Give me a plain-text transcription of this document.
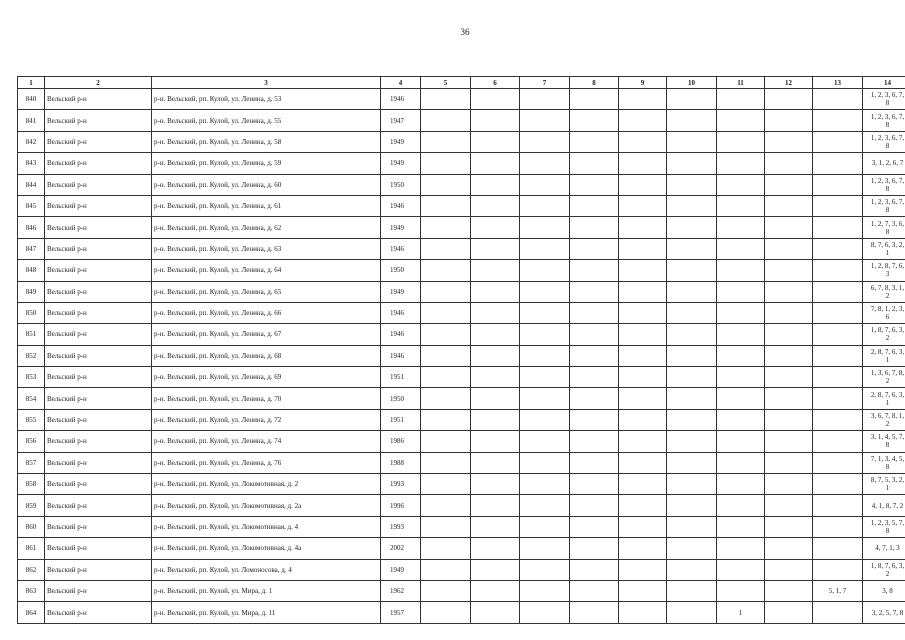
36
1	2	3	4	5	6	7	8	9	10	11	12	13	14
840	Вельский р-н	р-н. Вельский, рп. Кулой, ул. Ленина, д. 53	1946										1, 2, 3, 6, 7,
8

841	Вельский р-н	р-н. Вельский, рп. Кулой, ул. Ленина, д. 55	1947										1, 2, 3, 6, 7,
8

842	Вельский р-н	р-н. Вельский, рп. Кулой, ул. Ленина, д. 58	1949										1, 2, 3, 6, 7,
8

843	Вельский р-н	р-н. Вельский, рп. Кулой, ул. Ленина, д. 59	1949										3, 1, 2, 6, 7

844	Вельский р-н	р-н. Вельский, рп. Кулой, ул. Ленина, д. 60	1950										1, 2, 3, 6, 7,
8

845	Вельский р-н	р-н. Вельский, рп. Кулой, ул. Ленина, д. 61	1946										1, 2, 3, 6, 7,
8

846	Вельский р-н	р-н. Вельский, рп. Кулой, ул. Ленина, д. 62	1949										1, 2, 7, 3, 6,
8

847	Вельский р-н	р-н. Вельский, рп. Кулой, ул. Ленина, д. 63	1946										8, 7, 6, 3, 2,
1

848	Вельский р-н	р-н. Вельский, рп. Кулой, ул. Ленина, д. 64	1950										1, 2, 8, 7, 6,
3

849	Вельский р-н	р-н. Вельский, рп. Кулой, ул. Ленина, д. 65	1949										6, 7, 8, 3, 1,
2

850	Вельский р-н	р-н. Вельский, рп. Кулой, ул. Ленина, д. 66	1946										7, 8, 1, 2, 3,
6

851	Вельский р-н	р-н. Вельский, рп. Кулой, ул. Ленина, д. 67	1946										1, 8, 7, 6, 3,
2

852	Вельский р-н	р-н. Вельский, рп. Кулой, ул. Ленина, д. 68	1946										2, 8, 7, 6, 3,
1

853	Вельский р-н	р-н. Вельский, рп. Кулой, ул. Ленина, д. 69	1951										1, 3, 6, 7, 8,
2

854	Вельский р-н	р-н. Вельский, рп. Кулой, ул. Ленина, д. 70	1950										2, 8, 7, 6, 3,
1

855	Вельский р-н	р-н. Вельский, рп. Кулой, ул. Ленина, д. 72	1951										3, 6, 7, 8, 1,
2

856	Вельский р-н	р-н. Вельский, рп. Кулой, ул. Ленина, д. 74	1986										3, 1, 4, 5, 7,
8

857	Вельский р-н	р-н. Вельский, рп. Кулой, ул. Ленина, д. 76	1988										7, 1, 3, 4, 5,
8

858	Вельский р-н	р-н. Вельский, рп. Кулой, ул. Локомотивная, д. 2	1993										8, 7, 5, 3, 2,
1

859	Вельский р-н	р-н. Вельский, рп. Кулой, ул. Локомотивная, д. 2а	1996										4, 1, 8, 7, 2

860	Вельский р-н	р-н. Вельский, рп. Кулой, ул. Локомотивная, д. 4	1993										1, 2, 3, 5, 7,
8

861	Вельский р-н	р-н. Вельский, рп. Кулой, ул. Локомотивная, д. 4а	2002										4, 7, 1, 3

862	Вельский р-н	р-н. Вельский, рп. Кулой, ул. Ломоносова, д. 4	1949										1, 8, 7, 6, 3,
2

863	Вельский р-н	р-н. Вельский, рп. Кулой, ул. Мира, д. 1	1962									5, 1, 7	3, 8

864	Вельский р-н	р-н. Вельский, рп. Кулой, ул. Мира, д. 11	1957							1			3, 2, 5, 7, 8
